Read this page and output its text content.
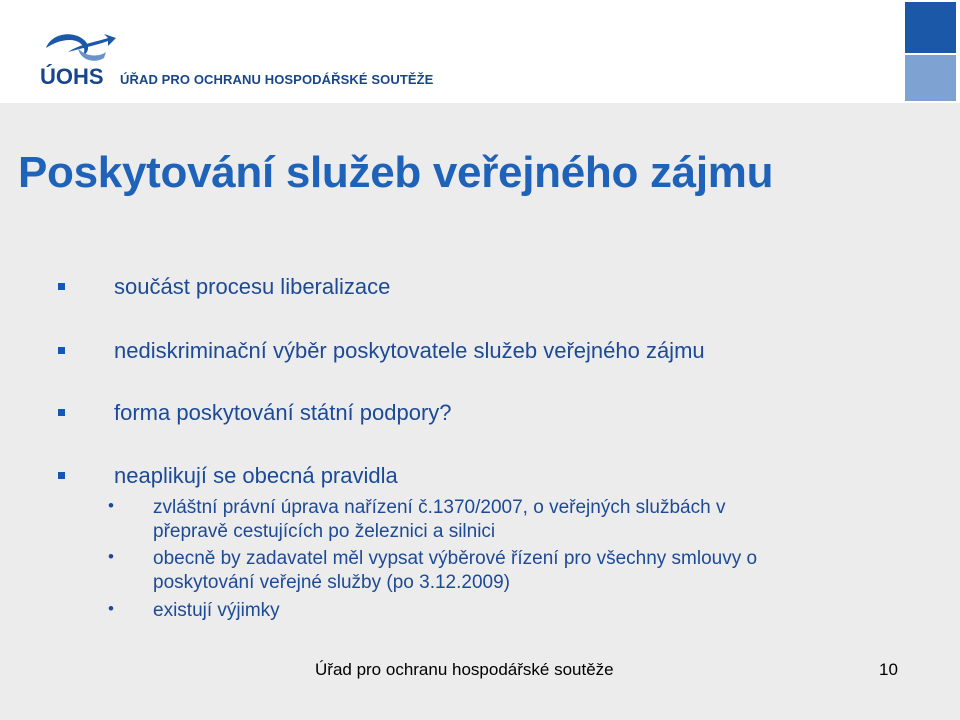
ÚOHS ÚŘAD PRO OCHRANU HOSPODÁŘSKÉ SOUTĚŽE
Poskytování služeb veřejného zájmu
součást procesu liberalizace
nediskriminační výběr poskytovatele služeb veřejného zájmu
forma poskytování státní podpory?
neaplikují se obecná pravidla
• zvláštní právní úprava nařízení č.1370/2007, o veřejných službách v
přepravě cestujících po železnici a silnici
• obecně by zadavatel měl vypsat výběrové řízení pro všechny smlouvy o
poskytování veřejné služby (po 3.12.2009)
• existují výjimky
Úřad pro ochranu hospodářské soutěže	10
